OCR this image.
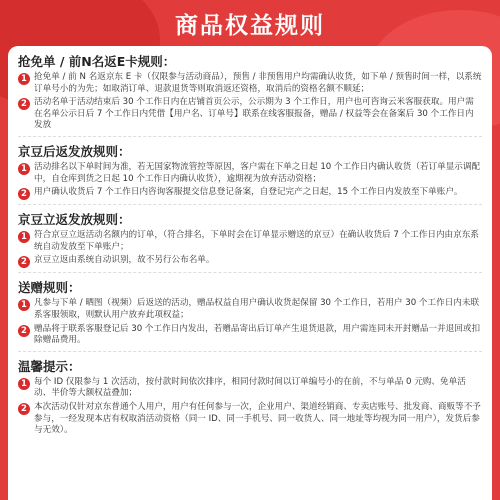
商品权益规则
抢免单 / 前N名返E卡规则：
1 抢免单 / 前 N 名返京东 E 卡（仅限参与活动商品），预售 / 非预售用户均需确认收货，如下单 / 预售时间一样，以系统订单号小的为先；如取消订单、退款退货等则取消返还资格，取消后的资格名额不顺延；
2 活动名单于活动结束后 30 个工作日内在店铺首页公示，公示期为 3 个工作日，用户也可咨询云米客服获取。用户需在名单公示日后 7 个工作日内凭借【用户名、订单号】联系在线客服报备，赠品 / 权益等会在备案后 30 个工作日内发放
京豆后返发放规则：
1 活动排名以下单时间为准，若无国家物流管控等原因，客户需在下单之日起 10 个工作日内确认收货（若订单显示调配中，自仓库到货之日起 10 个工作日内确认收货），逾期视为放弃活动资格；
2 用户确认收货后 7 个工作日内咨询客服提交信息登记备案，自登记完产之日起，15 个工作日内发放至下单账户。
京豆立返发放规则：
1 符合京豆立返活动名额内的订单，（符合排名，下单时会在订单显示赠送的京豆）在确认收货后 7 个工作日内由京东系统自动发放至下单账户；
2 京豆立返由系统自动识别，故不另行公布名单。
送赠规则：
1 凡参与下单 / 晒图（视频）后返送的活动，赠品权益自用户确认收货起保留 30 个工作日，若用户 30 个工作日内未联系客服领取，则默认用户放弃此项权益；
2 赠品将于联系客服登记后 30 个工作日内发出，若赠品寄出后订单产生退货退款，用户需连同未开封赠品一并退回或扣除赠品费用。
温馨提示：
1 每个 ID 仅限参与 1 次活动，按付款时间依次排序，相同付款时间以订单编号小的在前，不与单品 0 元购、免单活动、半价等大额权益叠加；
2 本次活动仅针对京东普通个人用户，用户有任何参与一次，企业用户、渠道经销商、专卖店账号、批发商、商贩等不予参与，一经发现本店有权取消活动资格（同一 ID、同一手机号、同一收货人、同一地址等均视为同一用户），发货后参与无效）。
